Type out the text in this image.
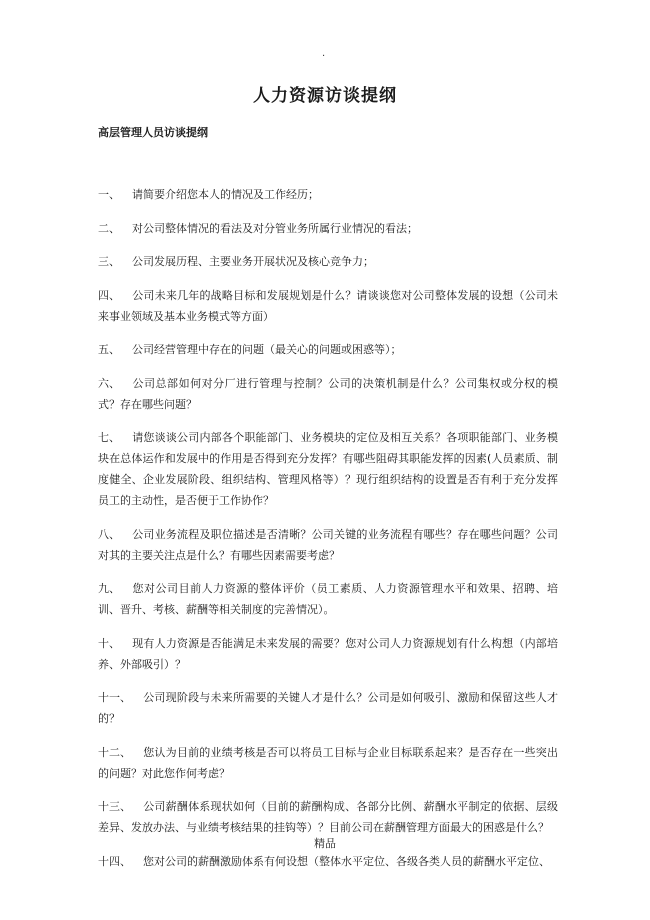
.
人力资源访谈提纲
高层管理人员访谈提纲

一、 请简要介绍您本人的情况及工作经历；

二、 对公司整体情况的看法及对分管业务所属行业情况的看法；

三、 公司发展历程、主要业务开展状况及核心竞争力；

四、 公司未来几年的战略目标和发展规划是什么？请谈谈您对公司整体发展的设想（公司未来事业领域及基本业务模式等方面）

五、 公司经营管理中存在的问题（最关心的问题或困惑等）；

六、 公司总部如何对分厂进行管理与控制？公司的决策机制是什么？公司集权或分权的模式？存在哪些问题？

七、 请您谈谈公司内部各个职能部门、业务模块的定位及相互关系？各项职能部门、业务模块在总体运作和发展中的作用是否得到充分发挥？有哪些阻碍其职能发挥的因素(人员素质、制度健全、企业发展阶段、组织结构、管理风格等）？现行组织结构的设置是否有利于充分发挥员工的主动性，是否便于工作协作？

八、 公司业务流程及职位描述是否清晰？公司关键的业务流程有哪些？存在哪些问题？公司对其的主要关注点是什么？有哪些因素需要考虑？

九、 您对公司目前人力资源的整体评价（员工素质、人力资源管理水平和效果、招聘、培训、晋升、考核、薪酬等相关制度的完善情况）。

十、 现有人力资源是否能满足未来发展的需要？您对公司人力资源规划有什么构想（内部培养、外部吸引）？

十一、 公司现阶段与未来所需要的关键人才是什么？公司是如何吸引、激励和保留这些人才的？

十二、 您认为目前的业绩考核是否可以将员工目标与企业目标联系起来？是否存在一些突出的问题？对此您作何考虑？

十三、 公司薪酬体系现状如何（目前的薪酬构成、各部分比例、薪酬水平制定的依据、层级差异、发放办法、与业绩考核结果的挂钩等）？目前公司在薪酬管理方面最大的困惑是什么？

十四、 您对公司的薪酬激励体系有何设想（整体水平定位、各级各类人员的薪酬水平定位、

精品
